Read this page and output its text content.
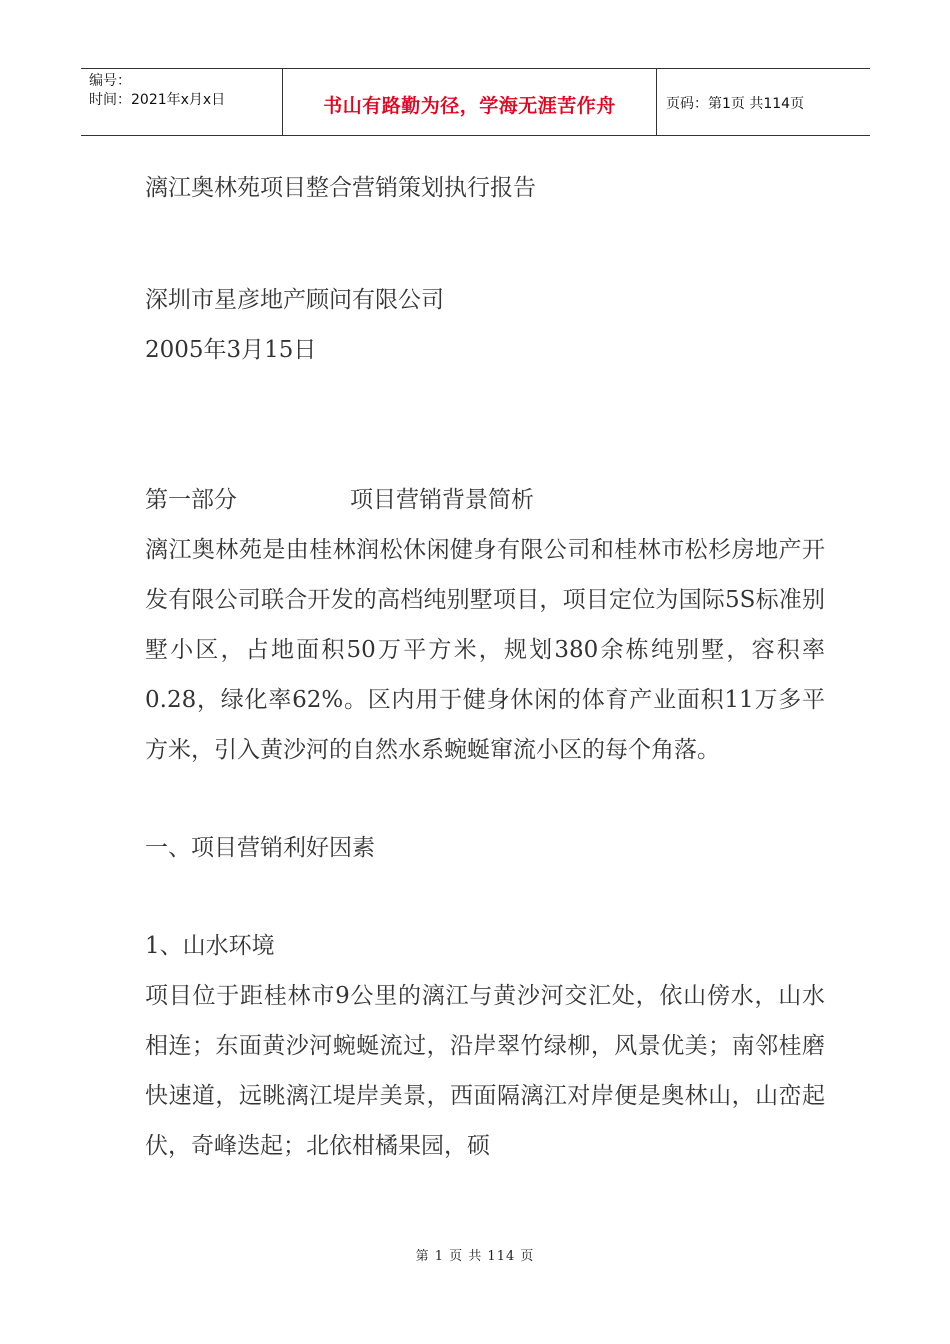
编号：
时间：2021年x月x日	书山有路勤为径，学海无涯苦作舟	页码：第1页 共114页

漓江奥林苑项目整合营销策划执行报告

深圳市星彦地产顾问有限公司

2005年3月15日

第一部分	项目营销背景简析

漓江奥林苑是由桂林润松休闲健身有限公司和桂林市松杉房地产开发有限公司联合开发的高档纯别墅项目，项目定位为国际5S标准别墅小区，占地面积50万平方米，规划380余栋纯别墅，容积率0.28，绿化率62%。区内用于健身休闲的体育产业面积11万多平方米，引入黄沙河的自然水系蜿蜒窜流小区的每个角落。

一、项目营销利好因素

1、山水环境

项目位于距桂林市9公里的漓江与黄沙河交汇处，依山傍水，山水相连；东面黄沙河蜿蜒流过，沿岸翠竹绿柳，风景优美；南邻桂磨快速道，远眺漓江堤岸美景，西面隔漓江对岸便是奥林山，山峦起伏，奇峰迭起；北依柑橘果园，硕

第 1 页 共 114 页
